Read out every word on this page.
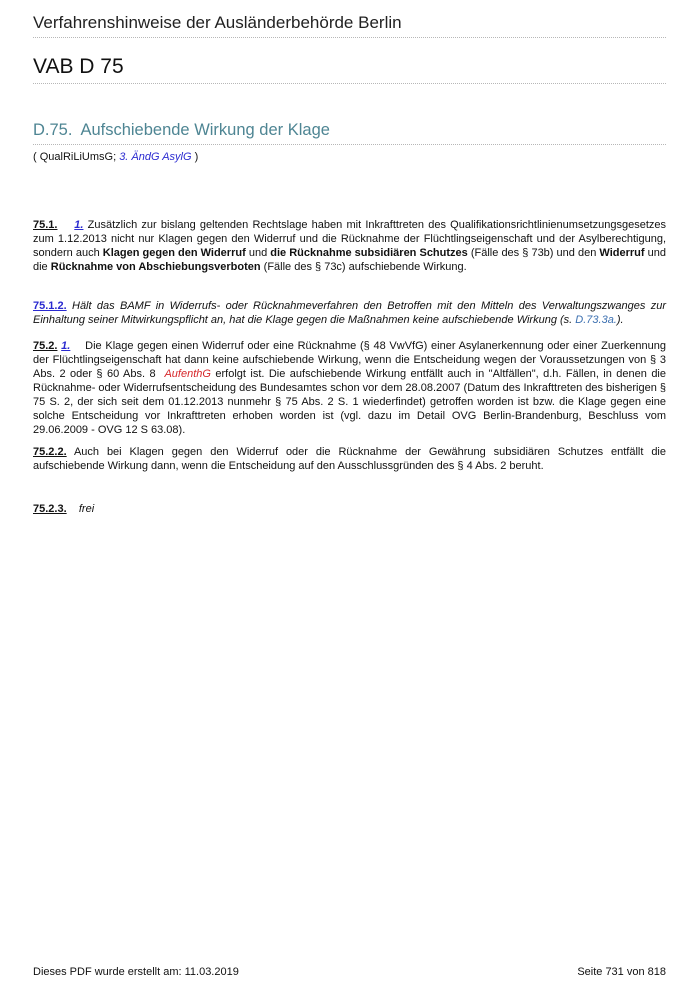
Verfahrenshinweise der Ausländerbehörde Berlin
VAB D 75
D.75. Aufschiebende Wirkung der Klage
( QualRiLiUmsG; 3. ÄndG AsylG )
75.1. 1. Zusätzlich zur bislang geltenden Rechtslage haben mit Inkrafttreten des Qualifikationsrichtlinienumsetzungsgesetzes zum 1.12.2013 nicht nur Klagen gegen den Widerruf und die Rücknahme der Flüchtlingseigenschaft und der Asylberechtigung, sondern auch Klagen gegen den Widerruf und die Rücknahme subsidiären Schutzes (Fälle des § 73b) und den Widerruf und die Rücknahme von Abschiebungsverboten (Fälle des § 73c) aufschiebende Wirkung.
75.1.2. Hält das BAMF in Widerrufs- oder Rücknahmeverfahren den Betroffen mit den Mitteln des Verwaltungszwanges zur Einhaltung seiner Mitwirkungspflicht an, hat die Klage gegen die Maßnahmen keine aufschiebende Wirkung (s. D.73.3a.).
75.2. 1. Die Klage gegen einen Widerruf oder eine Rücknahme (§ 48 VwVfG) einer Asylanerkennung oder einer Zuerkennung der Flüchtlingseigenschaft hat dann keine aufschiebende Wirkung, wenn die Entscheidung wegen der Voraussetzungen von § 3 Abs. 2 oder § 60 Abs. 8 AufenthG erfolgt ist. Die aufschiebende Wirkung entfällt auch in "Altfällen", d.h. Fällen, in denen die Rücknahme- oder Widerrufsentscheidung des Bundesamtes schon vor dem 28.08.2007 (Datum des Inkrafttreten des bisherigen § 75 S. 2, der sich seit dem 01.12.2013 nunmehr § 75 Abs. 2 S. 1 wiederfindet) getroffen worden ist bzw. die Klage gegen eine solche Entscheidung vor Inkrafttreten erhoben worden ist (vgl. dazu im Detail OVG Berlin-Brandenburg, Beschluss vom 29.06.2009 - OVG 12 S 63.08).
75.2.2. Auch bei Klagen gegen den Widerruf oder die Rücknahme der Gewährung subsidiären Schutzes entfällt die aufschiebende Wirkung dann, wenn die Entscheidung auf den Ausschlussgründen des § 4 Abs. 2 beruht.
75.2.3. frei
Dieses PDF wurde erstellt am: 11.03.2019	Seite 731 von 818
